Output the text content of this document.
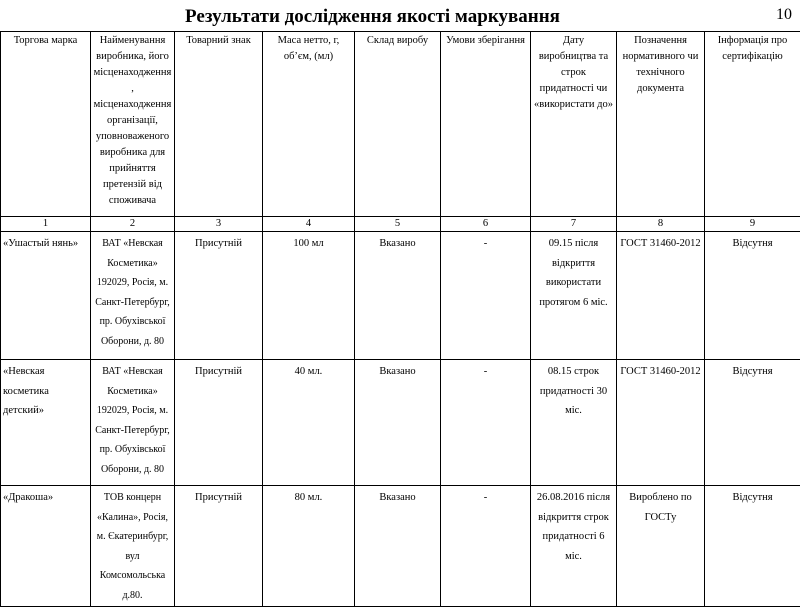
Результати дослідження якості маркування	10
Торгова марка	Найменування виробника, його місценаходження, місценаходження організації, уповноваженого виробника для прийняття претензій від споживача	Товарний знак	Маса нетто, г, об’єм, (мл)	Склад виробу	Умови зберігання	Дату виробництва та строк придатності чи «використати до»	Позначення нормативного чи технічного документа	Інформація про сертифікацію
1	2	3	4	5	6	7	8	9
«Ушастый нянь»	ВАТ «Невская Косметика» 192029, Росія, м. Санкт-Петербург, пр. Обухівської Оборони, д. 80	Присутній	100 мл	Вказано	-	09.15 після відкриття використати протягом 6 міс.	ГОСТ 31460-2012	Відсутня
«Невская косметика детский»	ВАТ «Невская Косметика» 192029, Росія, м. Санкт-Петербург, пр. Обухівської Оборони, д. 80	Присутній	40 мл.	Вказано	-	08.15 строк придатності 30 міс.	ГОСТ 31460-2012	Відсутня
«Дракоша»	ТОВ концерн «Калина», Росія, м. Єкатеринбург, вул Комсомольська д.80.	Присутній	80 мл.	Вказано	-	26.08.2016 після відкриття строк придатності 6 міс.	Вироблено по ГОСТу	Відсутня
